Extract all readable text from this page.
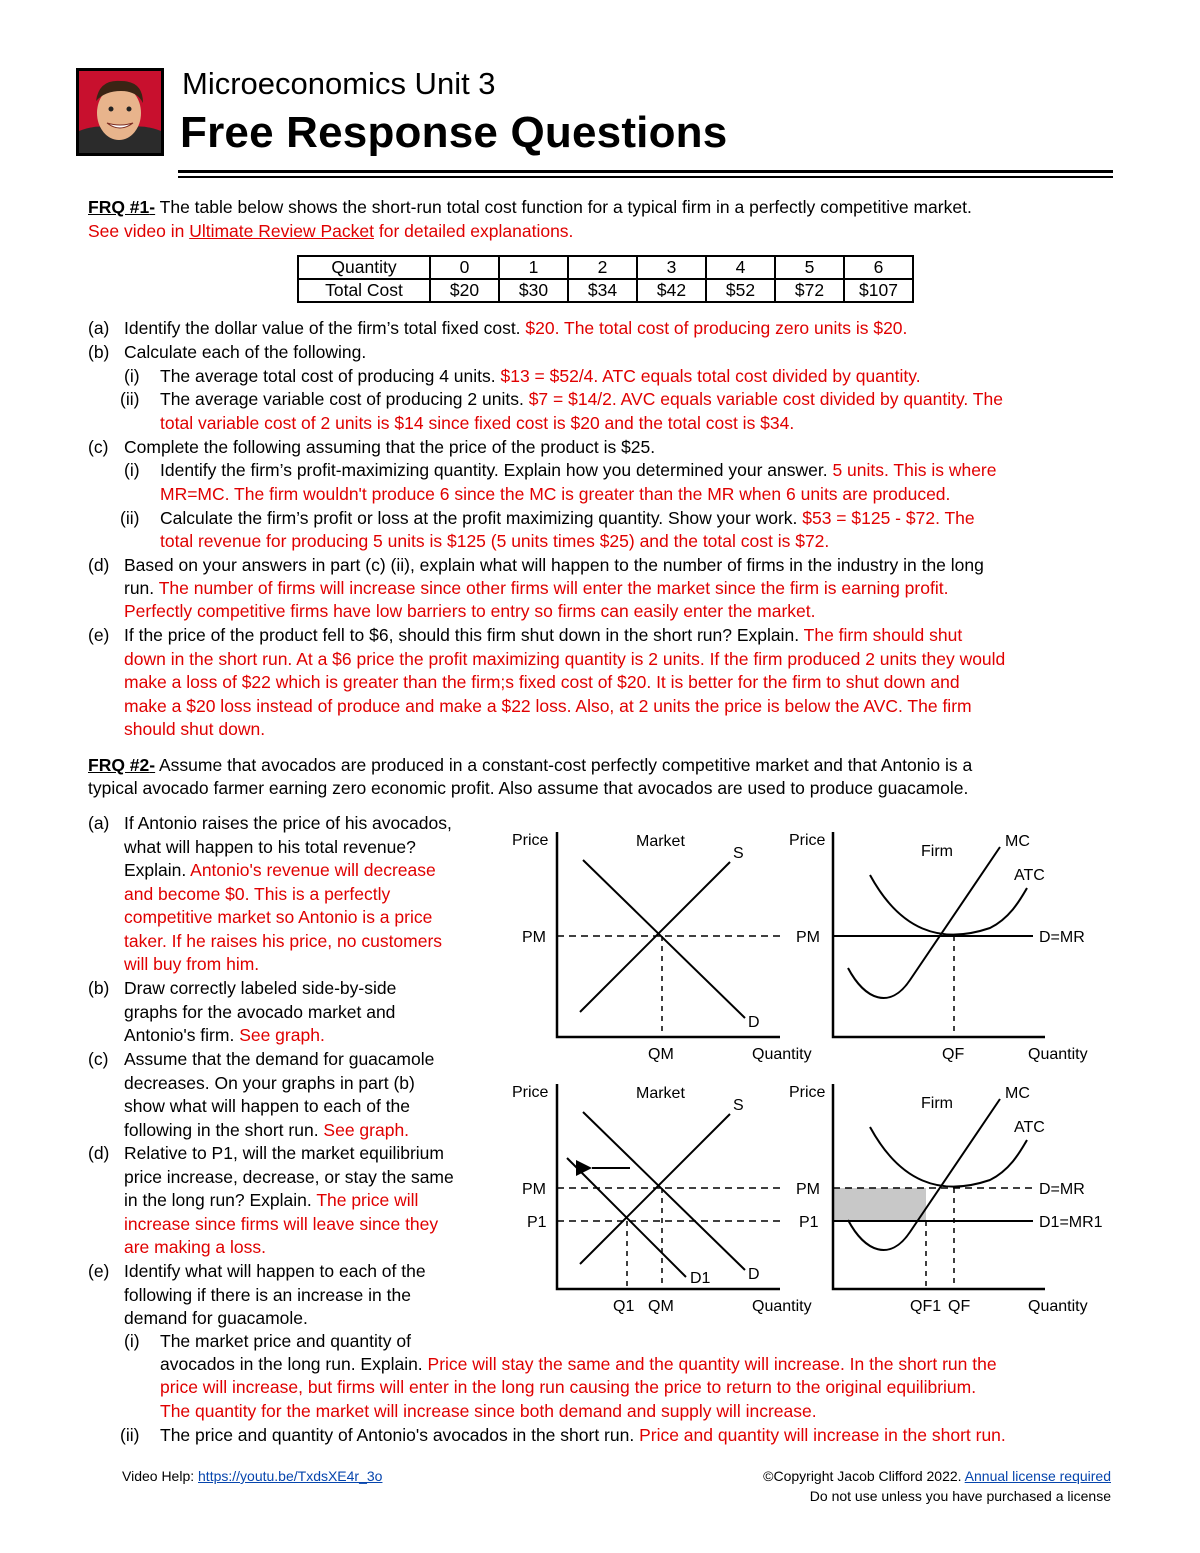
Microeconomics Unit 3
Free Response Questions
FRQ #1- The table below shows the short-run total cost function for a typical firm in a perfectly competitive market.
See video in Ultimate Review Packet for detailed explanations.
Quantity	0	1	2	3	4	5	6
Total Cost	$20	$30	$34	$42	$52	$72	$107
(a) Identify the dollar value of the firm’s total fixed cost. $20. The total cost of producing zero units is $20.
(b) Calculate each of the following.
(i) The average total cost of producing 4 units. $13 = $52/4. ATC equals total cost divided by quantity.
(ii) The average variable cost of producing 2 units. $7 = $14/2. AVC equals variable cost divided by quantity. The
total variable cost of 2 units is $14 since fixed cost is $20 and the total cost is $34.
(c) Complete the following assuming that the price of the product is $25.
(i) Identify the firm’s profit-maximizing quantity. Explain how you determined your answer. 5 units. This is where
MR=MC. The firm wouldn't produce 6 since the MC is greater than the MR when 6 units are produced.
(ii) Calculate the firm’s profit or loss at the profit maximizing quantity. Show your work. $53 = $125 - $72. The
total revenue for producing 5 units is $125 (5 units times $25) and the total cost is $72.
(d) Based on your answers in part (c) (ii), explain what will happen to the number of firms in the industry in the long
run. The number of firms will increase since other firms will enter the market since the firm is earning profit.
Perfectly competitive firms have low barriers to entry so firms can easily enter the market.
(e) If the price of the product fell to $6, should this firm shut down in the short run? Explain. The firm should shut
down in the short run. At a $6 price the profit maximizing quantity is 2 units. If the firm produced 2 units they would
make a loss of $22 which is greater than the firm;s fixed cost of $20. It is better for the firm to shut down and
make a $20 loss instead of produce and make a $22 loss. Also, at 2 units the price is below the AVC. The firm
should shut down.
FRQ #2- Assume that avocados are produced in a constant-cost perfectly competitive market and that Antonio is a
typical avocado farmer earning zero economic profit. Also assume that avocados are used to produce guacamole.
(a) If Antonio raises the price of his avocados,
what will happen to his total revenue?
Explain. Antonio's revenue will decrease
and become $0. This is a perfectly
competitive market so Antonio is a price
taker. If he raises his price, no customers
will buy from him.
(b) Draw correctly labeled side-by-side
graphs for the avocado market and
Antonio's firm. See graph.
(c) Assume that the demand for guacamole
decreases. On your graphs in part (b)
show what will happen to each of the
following in the short run. See graph.
(d) Relative to P1, will the market equilibrium
price increase, decrease, or stay the same
in the long run? Explain. The price will
increase since firms will leave since they
are making a loss.
(e) Identify what will happen to each of the
following if there is an increase in the
demand for guacamole.
(i) The market price and quantity of
avocados in the long run. Explain. Price will stay the same and the quantity will increase. In the short run the
price will increase, but firms will enter in the long run causing the price to return to the original equilibrium.
The quantity for the market will increase since both demand and supply will increase.
(ii) The price and quantity of Antonio's avocados in the short run. Price and quantity will increase in the short run.
Price	Market
S
D
PM
QM	Quantity
Price
Firm
MC
ATC
PM	D=MR
QF	Quantity
Price	Market
S
D
D1
PM
P1
Q1 QM	Quantity
Price
Firm
MC
ATC
PM
P1
D=MR
D1=MR1
QF1 QF	Quantity
Video Help: https://youtu.be/TxdsXE4r_3o	©Copyright Jacob Clifford 2022. Annual license required
Do not use unless you have purchased a license
